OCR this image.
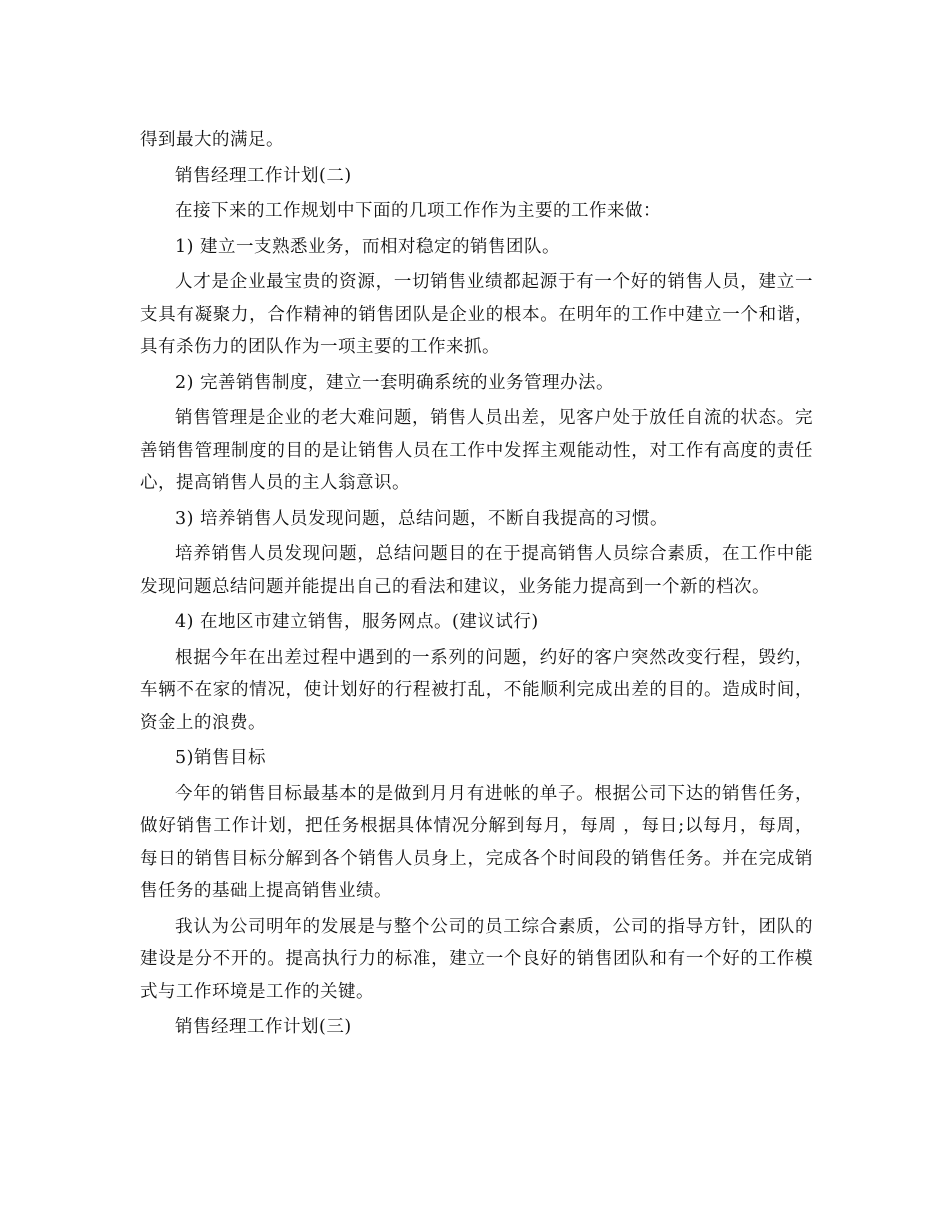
得到最大的满足。

销售经理工作计划(二)

在接下来的工作规划中下面的几项工作作为主要的工作来做：

1) 建立一支熟悉业务，而相对稳定的销售团队。

人才是企业最宝贵的资源，一切销售业绩都起源于有一个好的销售人员，建立一支具有凝聚力，合作精神的销售团队是企业的根本。在明年的工作中建立一个和谐，具有杀伤力的团队作为一项主要的工作来抓。

2) 完善销售制度，建立一套明确系统的业务管理办法。

销售管理是企业的老大难问题，销售人员出差，见客户处于放任自流的状态。完善销售管理制度的目的是让销售人员在工作中发挥主观能动性，对工作有高度的责任心，提高销售人员的主人翁意识。

3) 培养销售人员发现问题，总结问题，不断自我提高的习惯。

培养销售人员发现问题，总结问题目的在于提高销售人员综合素质，在工作中能发现问题总结问题并能提出自己的看法和建议，业务能力提高到一个新的档次。

4) 在地区市建立销售，服务网点。(建议试行)

根据今年在出差过程中遇到的一系列的问题，约好的客户突然改变行程，毁约，车辆不在家的情况，使计划好的行程被打乱，不能顺利完成出差的目的。造成时间，资金上的浪费。

5)销售目标

今年的销售目标最基本的是做到月月有进帐的单子。根据公司下达的销售任务，做好销售工作计划，把任务根据具体情况分解到每月，每周 ，每日;以每月，每周，每日的销售目标分解到各个销售人员身上，完成各个时间段的销售任务。并在完成销售任务的基础上提高销售业绩。

我认为公司明年的发展是与整个公司的员工综合素质，公司的指导方针，团队的建设是分不开的。提高执行力的标准，建立一个良好的销售团队和有一个好的工作模式与工作环境是工作的关键。

销售经理工作计划(三)
